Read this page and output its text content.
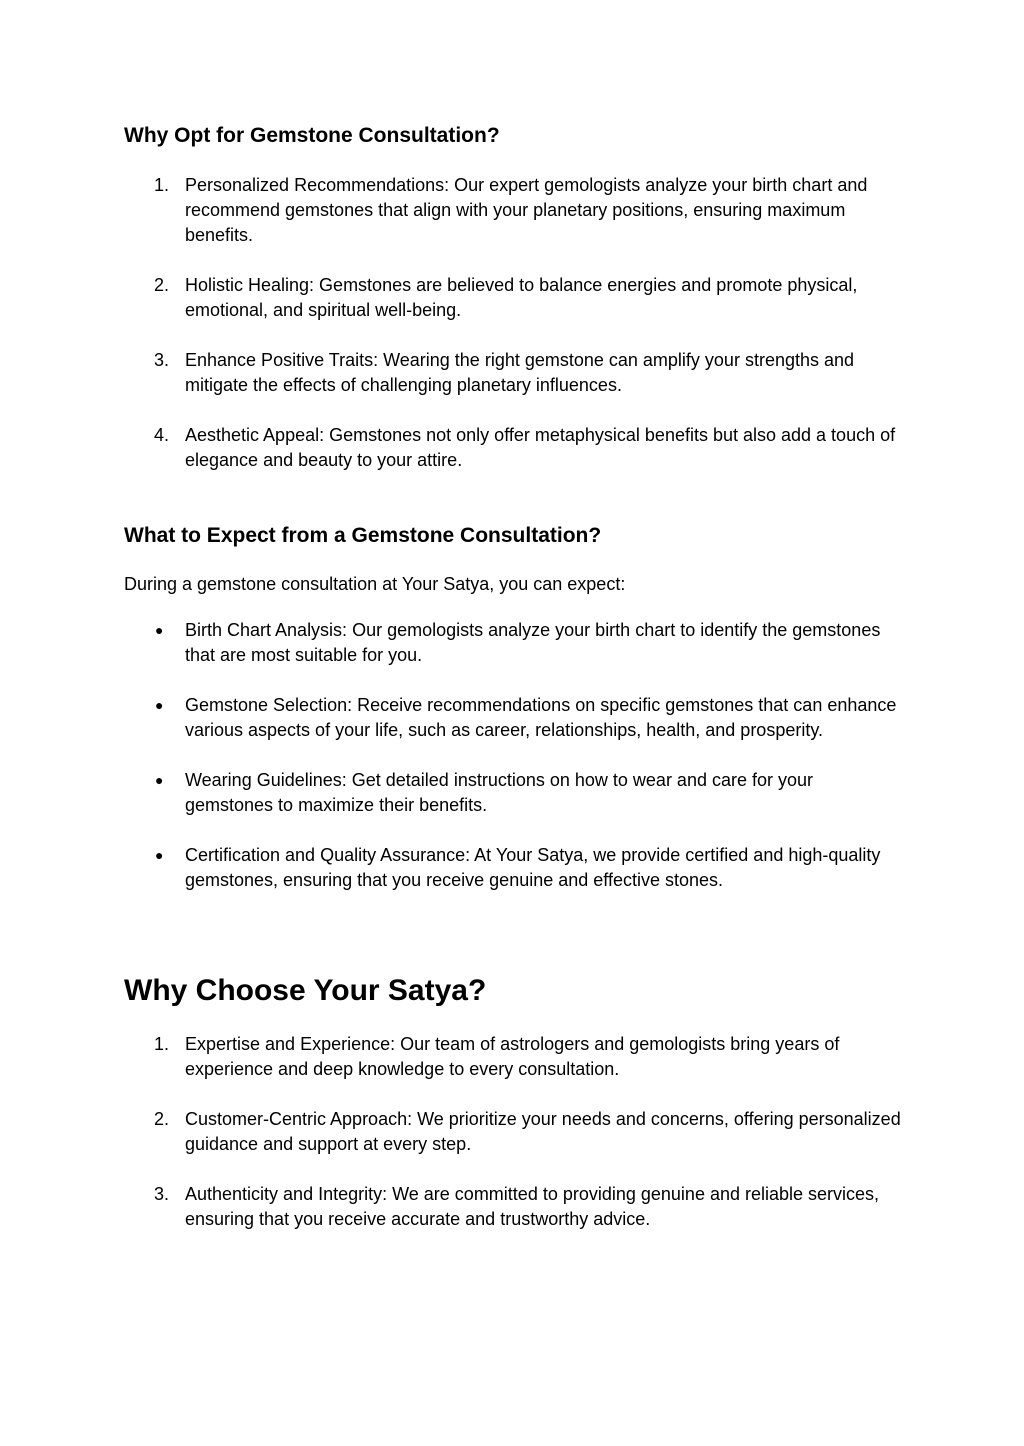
Why Opt for Gemstone Consultation?
1. Personalized Recommendations: Our expert gemologists analyze your birth chart and recommend gemstones that align with your planetary positions, ensuring maximum benefits.
2. Holistic Healing: Gemstones are believed to balance energies and promote physical, emotional, and spiritual well-being.
3. Enhance Positive Traits: Wearing the right gemstone can amplify your strengths and mitigate the effects of challenging planetary influences.
4. Aesthetic Appeal: Gemstones not only offer metaphysical benefits but also add a touch of elegance and beauty to your attire.
What to Expect from a Gemstone Consultation?

During a gemstone consultation at Your Satya, you can expect:

● Birth Chart Analysis: Our gemologists analyze your birth chart to identify the gemstones that are most suitable for you.
● Gemstone Selection: Receive recommendations on specific gemstones that can enhance various aspects of your life, such as career, relationships, health, and prosperity.
● Wearing Guidelines: Get detailed instructions on how to wear and care for your gemstones to maximize their benefits.
● Certification and Quality Assurance: At Your Satya, we provide certified and high-quality gemstones, ensuring that you receive genuine and effective stones.
Why Choose Your Satya?
1. Expertise and Experience: Our team of astrologers and gemologists bring years of experience and deep knowledge to every consultation.
2. Customer-Centric Approach: We prioritize your needs and concerns, offering personalized guidance and support at every step.
3. Authenticity and Integrity: We are committed to providing genuine and reliable services, ensuring that you receive accurate and trustworthy advice.
